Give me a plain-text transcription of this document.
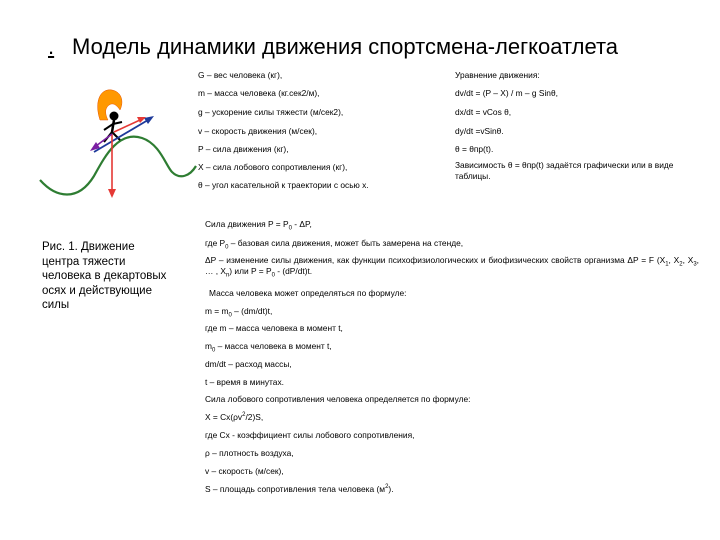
. Модель динамики движения спортсмена-легкоатлета
G – вес человека (кг),
m – масса человека (кг.сек2/м),
g – ускорение силы тяжести (м/сек2),
v – скорость движения (м/сек),
P – сила движения (кг),
X – сила лобового сопротивления (кг),
θ – угол касательной к траектории с осью x.
Уравнение движения:
dv/dt = (P – X) / m – g Sinθ,
dx/dt = vCos θ,
dy/dt =vSinθ.
θ = θпр(t).
Зависимость θ = θпр(t) задаётся графически или в виде таблицы.
Рис. 1. Движение центра тяжести человека в декартовых осях и действующие силы
Сила движения $P = P_0 - \Delta P$,
где $P_0$ – базовая сила движения, может быть замерена на стенде,
ΔP – изменение силы движения, как функции психофизиологических и биофизических свойств организма ΔP = F ($X_1$, $X_2$, $X_3$, … , $X_n$) или $P = P_0 - (dP/dt)t$.
Масса человека может определяться по формуле:
$m = m_0 - (dm/dt)t$,
где m – масса человека в момент t,
$m_0$ – масса человека в момент t,
dm/dt – расход массы,
t – время в минутах.
Сила лобового сопротивления человека определяется по формуле:
$X = Cx(\rho v^2/2)S$,
где Cx - коэффициент силы лобового сопротивления,
ρ – плотность воздуха,
v – скорость (м/сек),
S – площадь сопротивления тела человека $(м^2)$.
